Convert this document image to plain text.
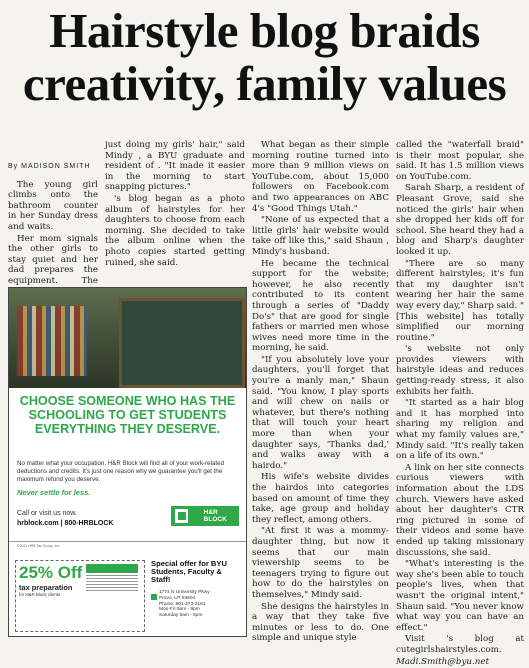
Hairstyle blog braids
creativity, family values
By MADISON SMITH

The young girl climbs onto the bathroom counter in her Sunday dress and waits.

Her mom signals the other girls to stay quiet and her dad prepares the equipment. The

just doing my girls' hair," said Mindy , a BYU graduate and resident of . "It made it easier in the morning to start snapping pictures."

's blog began as a photo album of hairstyles for her daughters to choose from each morning. She decided to take the album online when the photo copies started getting ruined, she said.

What began as their simple morning routine turned into more than 9 million views on YouTube.com, about 15,000 followers on Facebook.com and two appearances on ABC 4's "Good Things Utah."

"None of us expected that a little girls' hair website would take off like this," said Shaun , Mindy's husband.

He became the technical support for the website; however, he also recently contributed to its content through a series of "Daddy Do's" that are good for single fathers or married men whose wives need more time in the morning, he said.

"If you absolutely love your daughters, you'll forget that you're a manly man," Shaun said. "You know, I play sports and will chew on nails or whatever, but there's nothing that will touch your heart more than when your daughter says, 'Thanks dad,' and walks away with a hairdo."

His wife's website divides the hairdos into categories based on amount of time they take, age group and holiday they reflect, among others.

"At first it was a mommy-daughter thing, but now it seems that our main viewership seems to be teenagers trying to figure out how to do the hairstyles on themselves," Mindy said.

She designs the hairstyles in a way that they take five minutes or less to do. One simple and unique style

called the "waterfall braid" is their most popular, she said. It has 1.5 million views on YouTube.com.

Sarah Sharp, a resident of Pleasant Grove, said she noticed the girls' hair when she dropped her kids off for school. She heard they had a blog and Sharp's daughter looked it up.

"There are so many different hairstyles; it's fun that my daughter isn't wearing her hair the same way every day," Sharp said. "[This website] has totally simplified our morning routine."

's website not only provides viewers with hairstyle ideas and reduces getting-ready stress, it also exhibits her faith.

"It started as a hair blog and it has morphed into sharing my religion and what my family values are," Mindy said. "It's really taken on a life of its own."

A link on her site connects curious viewers with information about the LDS church. Viewers have asked about her daughter's CTR ring pictured in some of their videos and some have ended up taking missionary discussions, she said.

"What's interesting is the way she's been able to touch people's lives, when that wasn't the original intent," Shaun said. "You never know what way you can have an effect."

Visit 's blog at cutegirlshairstyles.com.

Madi.Smith@byu.net

CHOOSE SOMEONE WHO HAS THE SCHOOLING TO GET STUDENTS EVERYTHING THEY DESERVE.

No matter what your occupation, H&R Block will find all of your work-related deductions and credits. It's just one reason why we guarantee you'll get the maximum refund you deserve.

Never settle for less.

Call or visit us now.

hrblock.com | 800-HRBLOCK

H&R BLOCK

©2011 HRB Tax Group, Inc.

25% Off

tax preparation

for H&R Block clients

Special offer for BYU Students, Faculty & Staff!

1774 N University Pkwy
Provo, UT 84604
Phone: 801-373-2161
Mon-Fri 9am - 9pm
Saturday 9am - 5pm
